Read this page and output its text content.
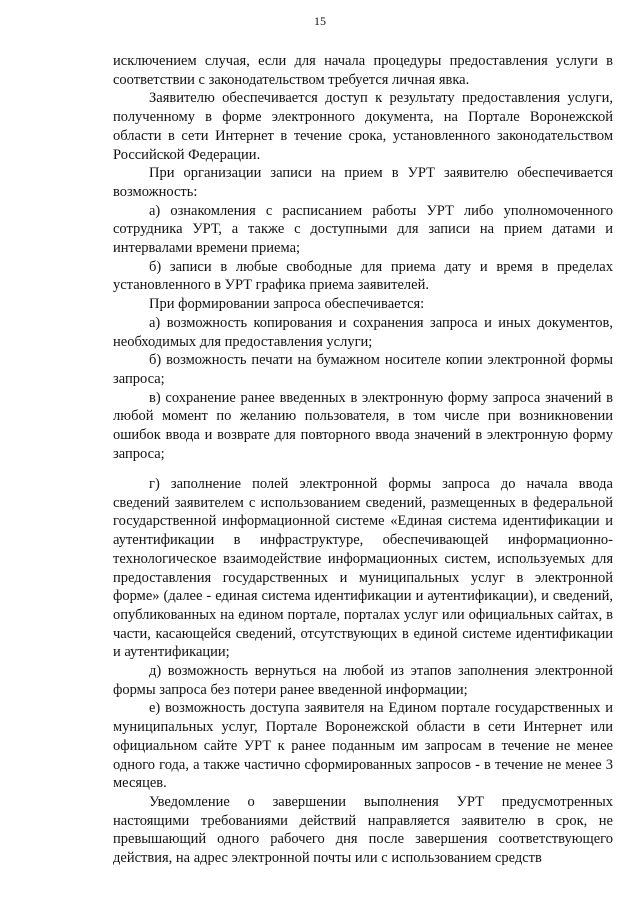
15

исключением случая, если для начала процедуры предоставления услуги в соответствии с законодательством требуется личная явка.

Заявителю обеспечивается доступ к результату предоставления услуги, полученному в форме электронного документа, на Портале Воронежской области в сети Интернет в течение срока, установленного законодательством Российской Федерации.

При организации записи на прием в УРТ заявителю обеспечивается возможность:

а) ознакомления с расписанием работы УРТ либо уполномоченного сотрудника УРТ, а также с доступными для записи на прием датами и интервалами времени приема;

б) записи в любые свободные для приема дату и время в пределах установленного в УРТ графика приема заявителей.

При формировании запроса обеспечивается:

а) возможность копирования и сохранения запроса и иных документов, необходимых для предоставления услуги;

б) возможность печати на бумажном носителе копии электронной формы запроса;

в) сохранение ранее введенных в электронную форму запроса значений в любой момент по желанию пользователя, в том числе при возникновении ошибок ввода и возврате для повторного ввода значений в электронную форму запроса;

г) заполнение полей электронной формы запроса до начала ввода сведений заявителем с использованием сведений, размещенных в федеральной государственной информационной системе «Единая система идентификации и аутентификации в инфраструктуре, обеспечивающей информационно-технологическое взаимодействие информационных систем, используемых для предоставления государственных и муниципальных услуг в электронной форме» (далее - единая система идентификации и аутентификации), и сведений, опубликованных на едином портале, порталах услуг или официальных сайтах, в части, касающейся сведений, отсутствующих в единой системе идентификации и аутентификации;

д) возможность вернуться на любой из этапов заполнения электронной формы запроса без потери ранее введенной информации;

е) возможность доступа заявителя на Едином портале государственных и муниципальных услуг, Портале Воронежской области в сети Интернет или официальном сайте УРТ к ранее поданным им запросам в течение не менее одного года, а также частично сформированных запросов - в течение не менее 3 месяцев.

Уведомление о завершении выполнения УРТ предусмотренных настоящими требованиями действий направляется заявителю в срок, не превышающий одного рабочего дня после завершения соответствующего действия, на адрес электронной почты или с использованием средств
